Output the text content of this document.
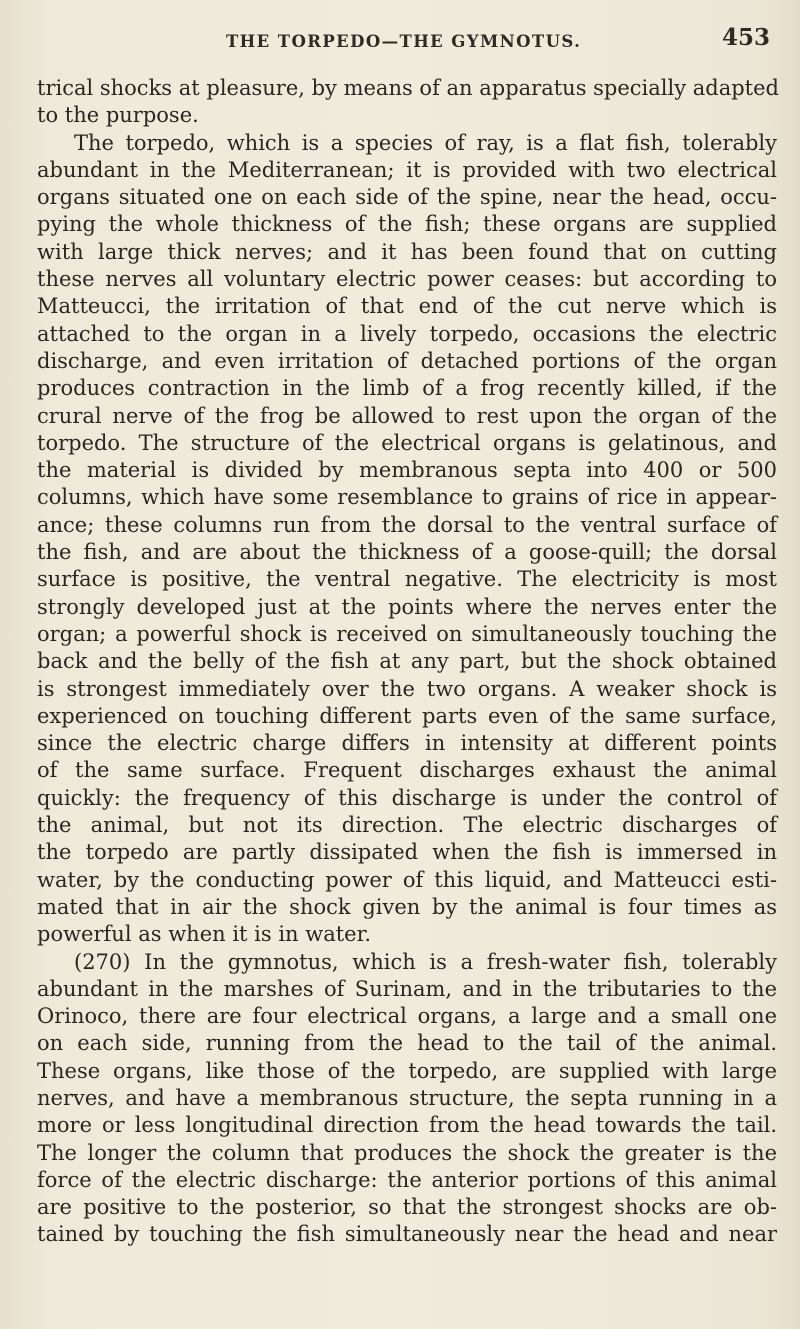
THE TORPEDO—THE GYMNOTUS.	453
trical shocks at pleasure, by means of an apparatus specially adapted
to the purpose.
The torpedo, which is a species of ray, is a flat fish, tolerably
abundant in the Mediterranean; it is provided with two electrical
organs situated one on each side of the spine, near the head, occu-
pying the whole thickness of the fish; these organs are supplied
with large thick nerves; and it has been found that on cutting
these nerves all voluntary electric power ceases: but according to
Matteucci, the irritation of that end of the cut nerve which is
attached to the organ in a lively torpedo, occasions the electric
discharge, and even irritation of detached portions of the organ
produces contraction in the limb of a frog recently killed, if the
crural nerve of the frog be allowed to rest upon the organ of the
torpedo. The structure of the electrical organs is gelatinous, and
the material is divided by membranous septa into 400 or 500
columns, which have some resemblance to grains of rice in appear-
ance; these columns run from the dorsal to the ventral surface of
the fish, and are about the thickness of a goose-quill; the dorsal
surface is positive, the ventral negative. The electricity is most
strongly developed just at the points where the nerves enter the
organ; a powerful shock is received on simultaneously touching the
back and the belly of the fish at any part, but the shock obtained
is strongest immediately over the two organs. A weaker shock is
experienced on touching different parts even of the same surface,
since the electric charge differs in intensity at different points
of the same surface. Frequent discharges exhaust the animal
quickly: the frequency of this discharge is under the control of
the animal, but not its direction. The electric discharges of
the torpedo are partly dissipated when the fish is immersed in
water, by the conducting power of this liquid, and Matteucci esti-
mated that in air the shock given by the animal is four times as
powerful as when it is in water.
(270) In the gymnotus, which is a fresh-water fish, tolerably
abundant in the marshes of Surinam, and in the tributaries to the
Orinoco, there are four electrical organs, a large and a small one
on each side, running from the head to the tail of the animal.
These organs, like those of the torpedo, are supplied with large
nerves, and have a membranous structure, the septa running in a
more or less longitudinal direction from the head towards the tail.
The longer the column that produces the shock the greater is the
force of the electric discharge: the anterior portions of this animal
are positive to the posterior, so that the strongest shocks are ob-
tained by touching the fish simultaneously near the head and near
